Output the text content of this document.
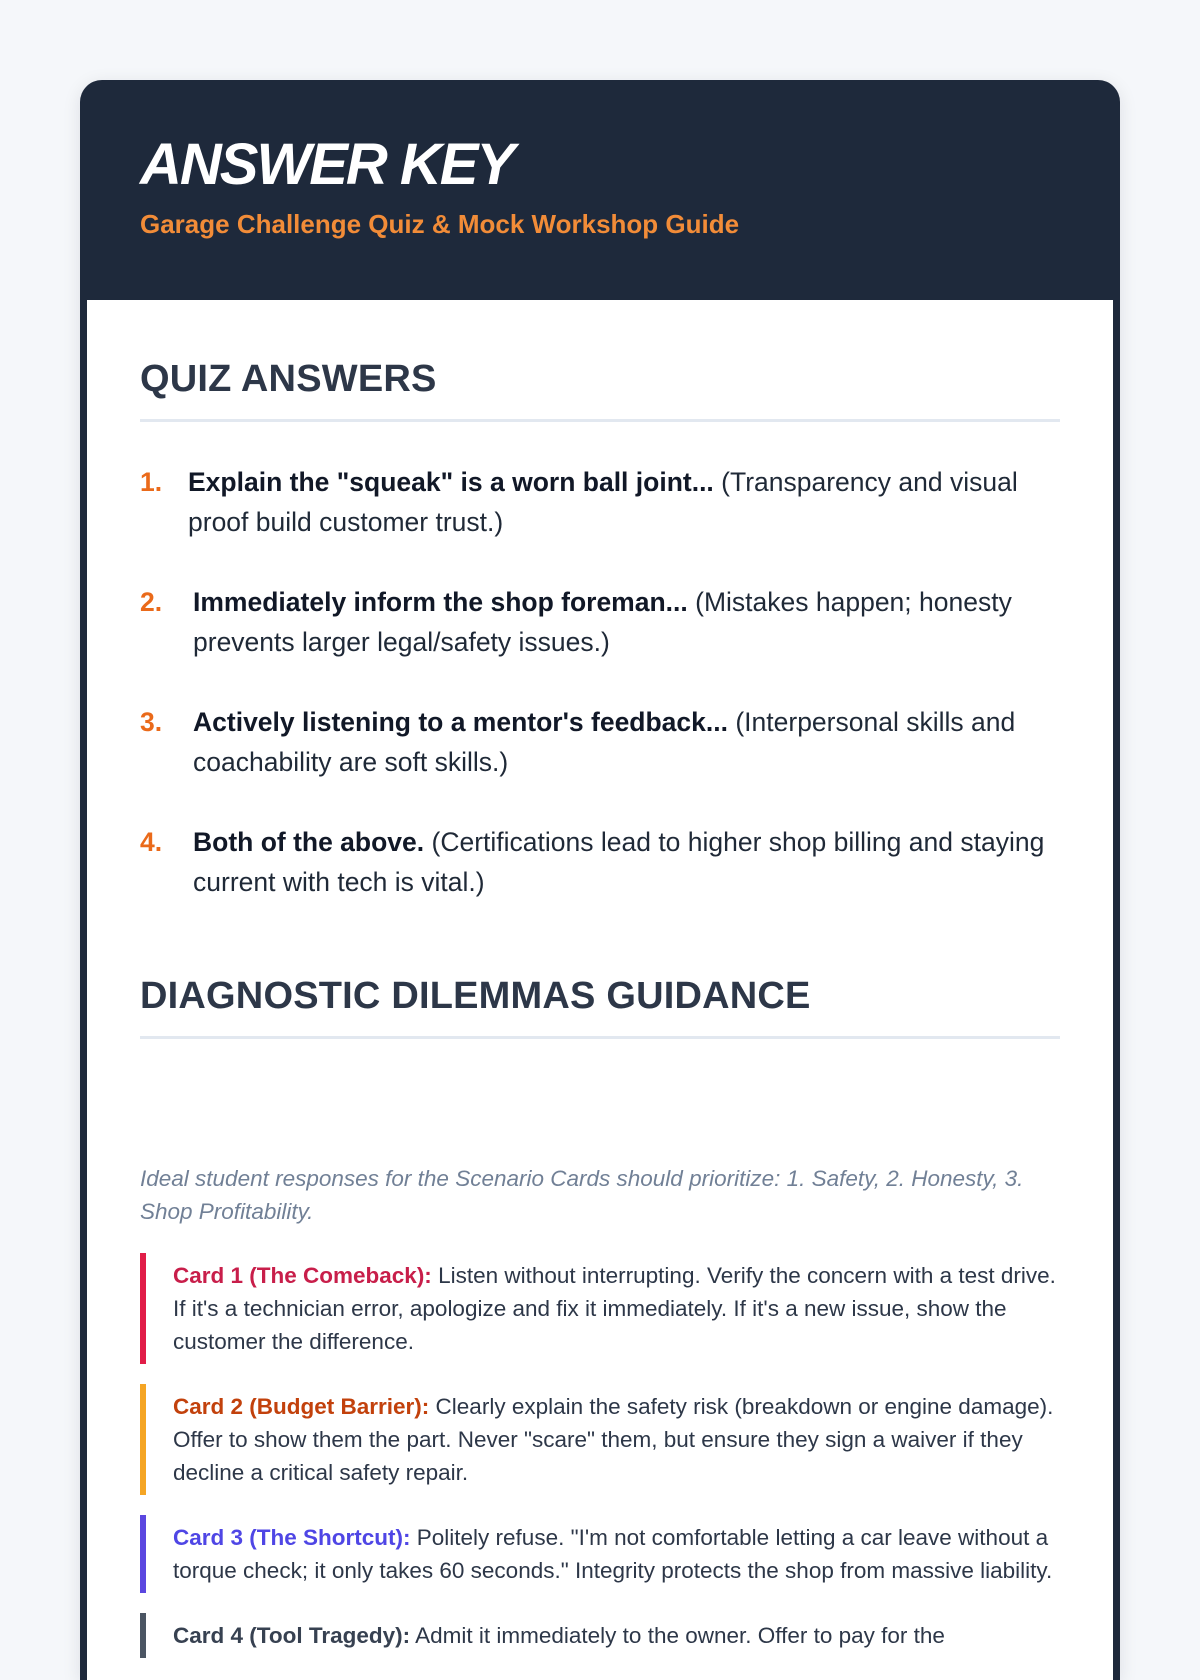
ANSWER KEY

Garage Challenge Quiz & Mock Workshop Guide

QUIZ ANSWERS
1. Explain the "squeak" is a worn ball joint... (Transparency and visual proof build customer trust.)
2.	Immediately inform the shop foreman... (Mistakes happen; honesty prevents larger legal/safety issues.)
3.	Actively listening to a mentor's feedback... (Interpersonal skills and coachability are soft skills.)
4.	Both of the above. (Certifications lead to higher shop billing and staying current with tech is vital.)
DIAGNOSTIC DILEMMAS GUIDANCE

Ideal student responses for the Scenario Cards should prioritize: 1. Safety, 2. Honesty, 3. Shop Profitability.

Card 1 (The Comeback): Listen without interrupting. Verify the concern with a test drive. If it's a technician error, apologize and fix it immediately. If it's a new issue, show the customer the difference.
Card 2 (Budget Barrier): Clearly explain the safety risk (breakdown or engine damage). Offer to show them the part. Never "scare" them, but ensure they sign a waiver if they decline a critical safety repair.
Card 3 (The Shortcut): Politely refuse. "I'm not comfortable letting a car leave without a torque check; it only takes 60 seconds." Integrity protects the shop from massive liability.
Card 4 (Tool Tragedy): Admit it immediately to the owner. Offer to pay for the
